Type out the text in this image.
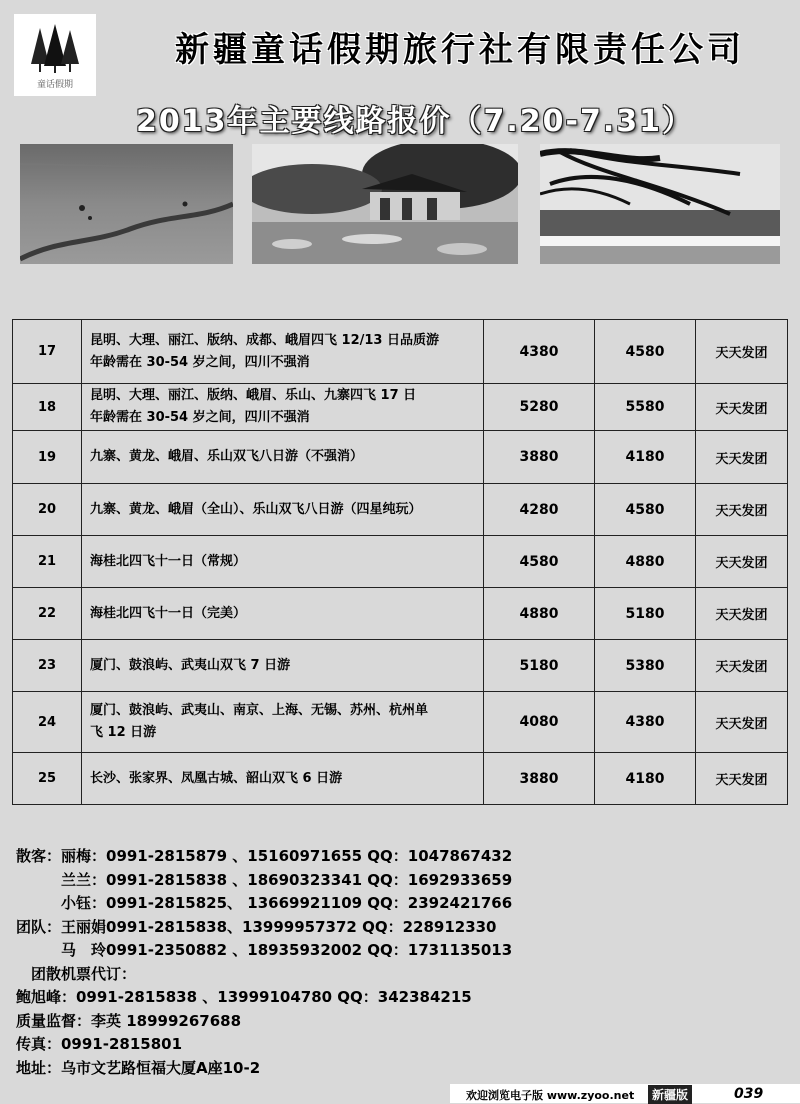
童话假期
新疆童话假期旅行社有限责任公司
2013年主要线路报价（7.20-7.31）
17	昆明、大理、丽江、版纳、成都、峨眉四飞 12/13 日品质游
年龄需在 30-54 岁之间，四川不强消	4380	4580	天天发团
18	昆明、大理、丽江、版纳、峨眉、乐山、九寨四飞 17 日
年龄需在 30-54 岁之间，四川不强消	5280	5580	天天发团
19	九寨、黄龙、峨眉、乐山双飞八日游（不强消）	3880	4180	天天发团
20	九寨、黄龙、峨眉（全山）、乐山双飞八日游（四星纯玩）	4280	4580	天天发团
21	海桂北四飞十一日（常规）	4580	4880	天天发团
22	海桂北四飞十一日（完美）	4880	5180	天天发团
23	厦门、鼓浪屿、武夷山双飞 7 日游	5180	5380	天天发团
24	厦门、鼓浪屿、武夷山、南京、上海、无锡、苏州、杭州单
飞 12 日游	4080	4380	天天发团
25	长沙、张家界、凤凰古城、韶山双飞 6 日游	3880	4180	天天发团
散客：丽梅：0991-2815879 、15160971655 QQ：1047867432
　　　兰兰：0991-2815838 、18690323341 QQ：1692933659
　　　小钰：0991-2815825、 13669921109 QQ：2392421766
团队：王丽娟0991-2815838、13999957372 QQ：228912330
　　　马　玲0991-2350882 、18935932002 QQ：1731135013
　团散机票代订：
鲍旭峰：0991-2815838 、13999104780 QQ：342384215
质量监督：李英 18999267688
传真：0991-2815801
地址：乌市文艺路恒福大厦A座10-2
欢迎浏览电子版 www.zyoo.net	新疆版	039
